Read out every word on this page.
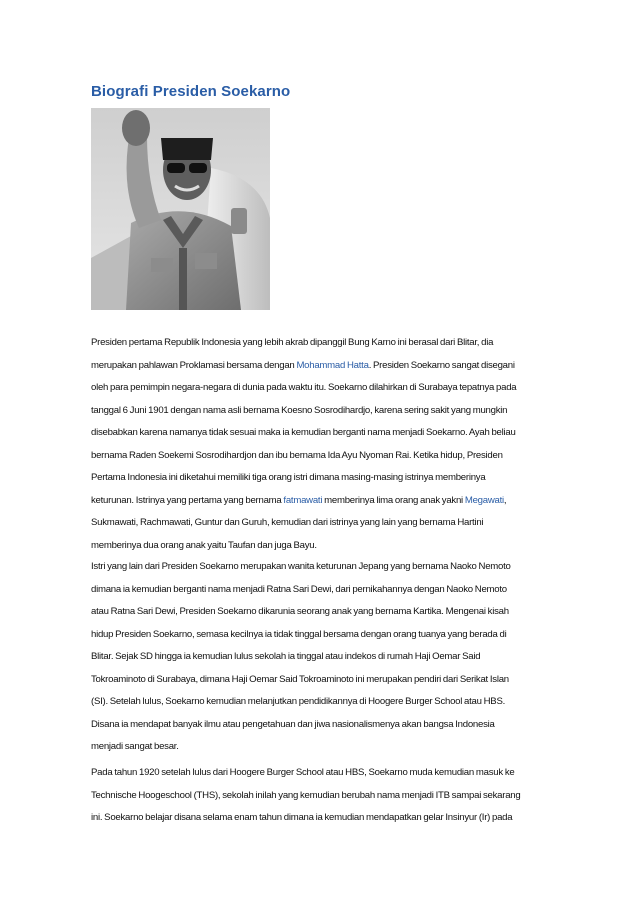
Biografi Presiden Soekarno
Presiden pertama Republik Indonesia yang lebih akrab dipanggil Bung Karno ini berasal dari Blitar, dia
merupakan pahlawan Proklamasi bersama dengan Mohammad Hatta. Presiden Soekarno sangat disegani
oleh para pemimpin negara-negara di dunia pada waktu itu. Soekarno dilahirkan di Surabaya tepatnya pada
tanggal 6 Juni 1901 dengan nama asli bernama Koesno Sosrodihardjo, karena sering sakit yang mungkin
disebabkan karena namanya tidak sesuai maka ia kemudian berganti nama menjadi Soekarno. Ayah beliau
bernama Raden Soekemi Sosrodihardjon dan ibu bernama Ida Ayu Nyoman Rai. Ketika hidup, Presiden
Pertama Indonesia ini diketahui memiliki tiga orang istri dimana masing-masing istrinya memberinya
keturunan. Istrinya yang pertama yang bernama fatmawati memberinya lima orang anak yakni Megawati,
Sukmawati, Rachmawati, Guntur dan Guruh, kemudian dari istrinya yang lain yang bernama Hartini
memberinya dua orang anak yaitu Taufan dan juga Bayu.
Istri yang lain dari Presiden Soekarno merupakan wanita keturunan Jepang yang bernama Naoko Nemoto
dimana ia kemudian berganti nama menjadi Ratna Sari Dewi, dari pernikahannya dengan Naoko Nemoto
atau Ratna Sari Dewi, Presiden Soekarno dikarunia seorang anak yang bernama Kartika. Mengenai kisah
hidup Presiden Soekarno, semasa kecilnya ia tidak tinggal bersama dengan orang tuanya yang berada di
Blitar. Sejak SD hingga ia kemudian lulus sekolah ia tinggal atau indekos di rumah Haji Oemar Said
Tokroaminoto di Surabaya, dimana Haji Oemar Said Tokroaminoto ini merupakan pendiri dari Serikat Islan
(SI). Setelah lulus, Soekarno kemudian melanjutkan pendidikannya di Hoogere Burger School atau HBS.
Disana ia mendapat banyak ilmu atau pengetahuan dan jiwa nasionalismenya akan bangsa Indonesia
menjadi sangat besar.
Pada tahun 1920 setelah lulus dari Hoogere Burger School atau HBS, Soekarno muda kemudian masuk ke
Technische Hoogeschool (THS), sekolah inilah yang kemudian berubah nama menjadi ITB sampai sekarang
ini. Soekarno belajar disana selama enam tahun dimana ia kemudian mendapatkan gelar Insinyur (Ir) pada
